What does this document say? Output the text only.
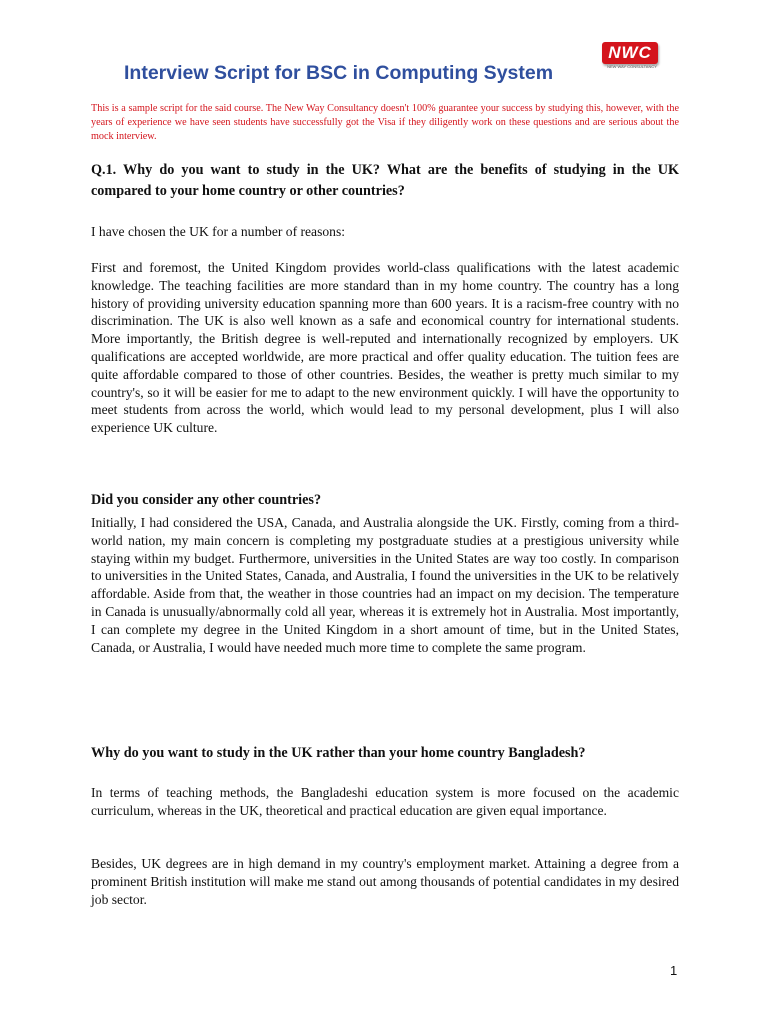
NWC
NEW WAY CONSULTANCY
Interview Script for BSC in Computing System
This is a sample script for the said course. The New Way Consultancy doesn't 100% guarantee your success by studying this, however, with the years of experience we have seen students have successfully got the Visa if they diligently work on these questions and are serious about the mock interview.
Q.1. Why do you want to study in the UK? What are the benefits of studying in the UK compared to your home country or other countries?
I have chosen the UK for a number of reasons:
First and foremost, the United Kingdom provides world-class qualifications with the latest academic knowledge. The teaching facilities are more standard than in my home country. The country has a long history of providing university education spanning more than 600 years. It is a racism-free country with no discrimination. The UK is also well known as a safe and economical country for international students. More importantly, the British degree is well-reputed and internationally recognized by employers. UK qualifications are accepted worldwide, are more practical and offer quality education. The tuition fees are quite affordable compared to those of other countries. Besides, the weather is pretty much similar to my country's, so it will be easier for me to adapt to the new environment quickly. I will have the opportunity to meet students from across the world, which would lead to my personal development, plus I will also experience UK culture.
Did you consider any other countries?
Initially, I had considered the USA, Canada, and Australia alongside the UK. Firstly, coming from a third-world nation, my main concern is completing my postgraduate studies at a prestigious university while staying within my budget. Furthermore, universities in the United States are way too costly. In comparison to universities in the United States, Canada, and Australia, I found the universities in the UK to be relatively affordable. Aside from that, the weather in those countries had an impact on my decision. The temperature in Canada is unusually/abnormally cold all year, whereas it is extremely hot in Australia. Most importantly, I can complete my degree in the United Kingdom in a short amount of time, but in the United States, Canada, or Australia, I would have needed much more time to complete the same program.
Why do you want to study in the UK rather than your home country Bangladesh?
In terms of teaching methods, the Bangladeshi education system is more focused on the academic curriculum, whereas in the UK, theoretical and practical education are given equal importance.
Besides, UK degrees are in high demand in my country's employment market. Attaining a degree from a prominent British institution will make me stand out among thousands of potential candidates in my desired job sector.
1
